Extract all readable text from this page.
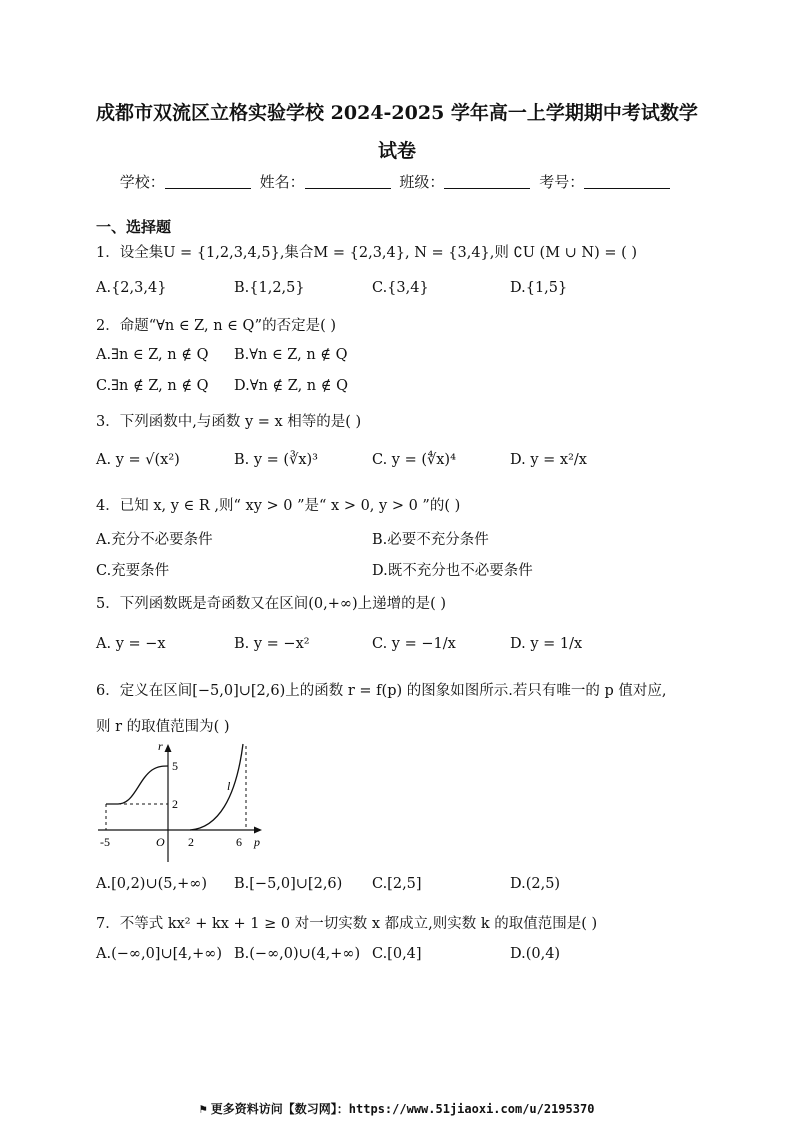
成都市双流区立格实验学校 2024-2025 学年高一上学期期中考试数学
试卷
学校：	姓名：	班级：	考号：
一、选择题
1．设全集U = {1,2,3,4,5},集合M = {2,3,4}, N = {3,4},则 ∁U (M ∪ N) = ( )
A.{2,3,4}	B.{1,2,5}	C.{3,4}	D.{1,5}
2．命题“∀n ∈ Z, n ∈ Q”的否定是( )
A.∃n ∈ Z, n ∉ Q B.∀n ∈ Z, n ∉ Q
C.∃n ∉ Z, n ∉ Q D.∀n ∉ Z, n ∉ Q
3．下列函数中,与函数 y = x 相等的是( )
A. y = √(x²)	B. y = (∛x)³	C. y = (∜x)⁴	D. y = x²/x
4．已知 x, y ∈ R ,则“ xy > 0 ”是“ x > 0, y > 0 ”的( )
A.充分不必要条件	B.必要不充分条件
C.充要条件	D.既不充分也不必要条件
5．下列函数既是奇函数又在区间(0,+∞)上递增的是( )
A. y = −x	B. y = −x²	C. y = −1/x	D. y = 1/x
6．定义在区间[−5,0]∪[2,6)上的函数 r = f(p) 的图象如图所示.若只有唯一的 p 值对应,
则 r 的取值范围为( )
r
p
O
-5	2	6
2
5
l
A.[0,2)∪(5,+∞) B.[−5,0]∪[2,6) C.[2,5]	D.(2,5)
7．不等式 kx² + kx + 1 ≥ 0 对一切实数 x 都成立,则实数 k 的取值范围是( )
A.(−∞,0]∪[4,+∞) B.(−∞,0)∪(4,+∞) C.[0,4]	D.(0,4)
⚑ 更多资料访问【数习网】：https://www.51jiaoxi.com/u/2195370
